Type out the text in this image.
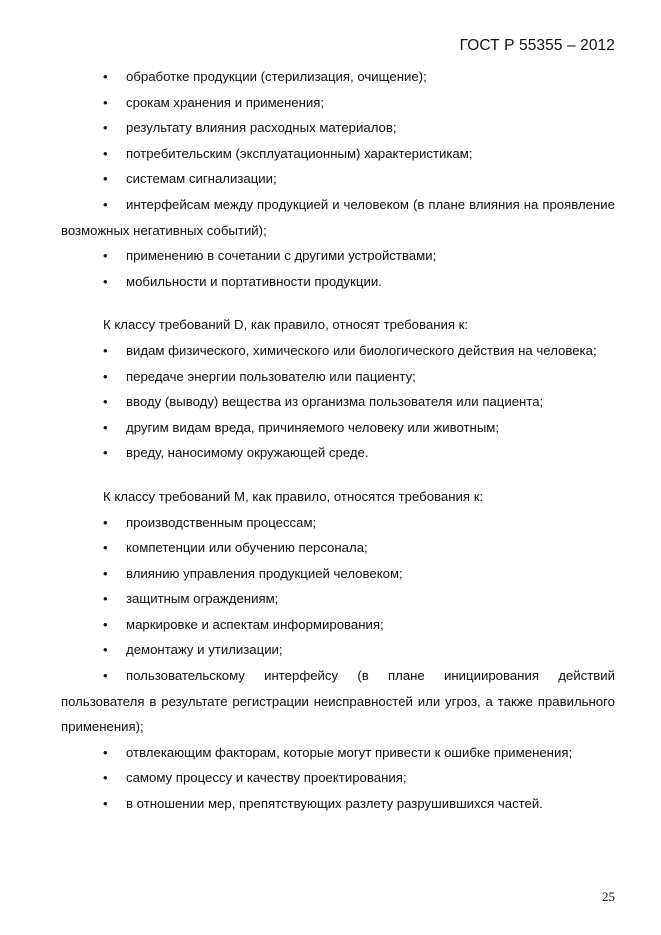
ГОСТ Р 55355 – 2012
• обработке продукции (стерилизация, очищение);
• срокам хранения и применения;
• результату влияния расходных материалов;
• потребительским (эксплуатационным) характеристикам;
• системам сигнализации;
• интерфейсам между продукцией и человеком (в плане влияния на проявление возможных негативных событий);
• применению в сочетании с другими устройствами;
• мобильности и портативности продукции.
К классу требований D, как правило, относят требования к:
• видам физического, химического или биологического действия на человека;
• передаче энергии пользователю или пациенту;
• вводу (выводу) вещества из организма пользователя или пациента;
• другим видам вреда, причиняемого человеку или животным;
• вреду, наносимому окружающей среде.
К классу требований M, как правило, относятся требования к:
• производственным процессам;
• компетенции или обучению персонала;
• влиянию управления продукцией человеком;
• защитным ограждениям;
• маркировке и аспектам информирования;
• демонтажу и утилизации;
• пользовательскому интерфейсу (в плане инициирования действий пользователя в результате регистрации неисправностей или угроз, а также правильного применения);
• отвлекающим факторам, которые могут привести к ошибке применения;
• самому процессу и качеству проектирования;
• в отношении мер, препятствующих разлету разрушившихся частей.
25
